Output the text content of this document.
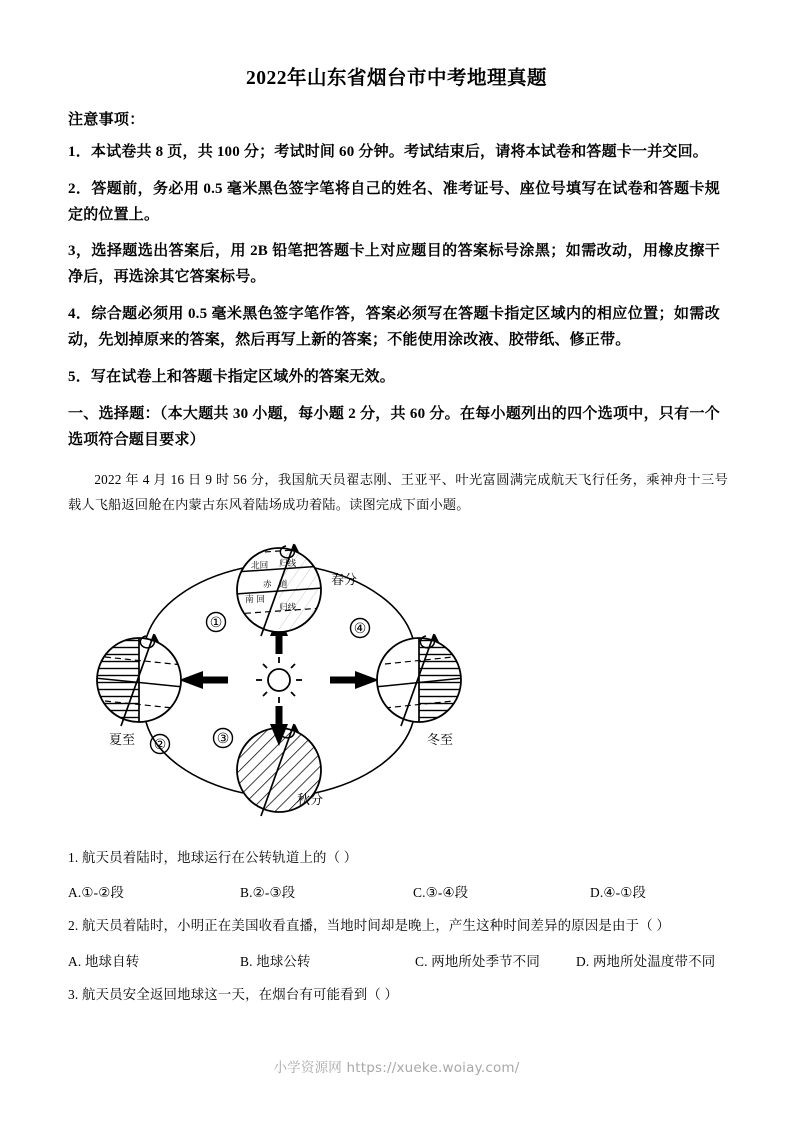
2022年山东省烟台市中考地理真题
注意事项：
1．本试卷共 8 页，共 100 分；考试时间 60 分钟。考试结束后，请将本试卷和答题卡一并交回。
2．答题前，务必用 0.5 毫米黑色签字笔将自己的姓名、准考证号、座位号填写在试卷和答题卡规定的位置上。
3，选择题选出答案后，用 2B 铅笔把答题卡上对应题目的答案标号涂黑；如需改动，用橡皮擦干净后，再选涂其它答案标号。
4．综合题必须用 0.5 毫米黑色签字笔作答，答案必须写在答题卡指定区域内的相应位置；如需改动，先划掉原来的答案，然后再写上新的答案；不能使用涂改液、胶带纸、修正带。
5．写在试卷上和答题卡指定区域外的答案无效。
一、选择题：（本大题共 30 小题，每小题 2 分，共 60 分。在每小题列出的四个选项中，只有一个选项符合题目要求）
2022 年 4 月 16 日 9 时 56 分，我国航天员翟志刚、王亚平、叶光富圆满完成航天飞行任务，乘神舟十三号载人飞船返回舱在内蒙古东风着陆场成功着陆。读图完成下面小题。
北回 归线
赤 道
南 回
归线
春分
夏至	冬至
秋分
①
②	③
④
1. 航天员着陆时，地球运行在公转轨道上的（ ）
A.①-②段	B.②-③段	C.③-④段	D.④-①段
2. 航天员着陆时，小明正在美国收看直播，当地时间却是晚上，产生这种时间差异的原因是由于（ ）
A. 地球自转	B. 地球公转	C. 两地所处季节不同	D. 两地所处温度带不同
3. 航天员安全返回地球这一天，在烟台有可能看到（ ）
小学资源网 https://xueke.woiay.com/
